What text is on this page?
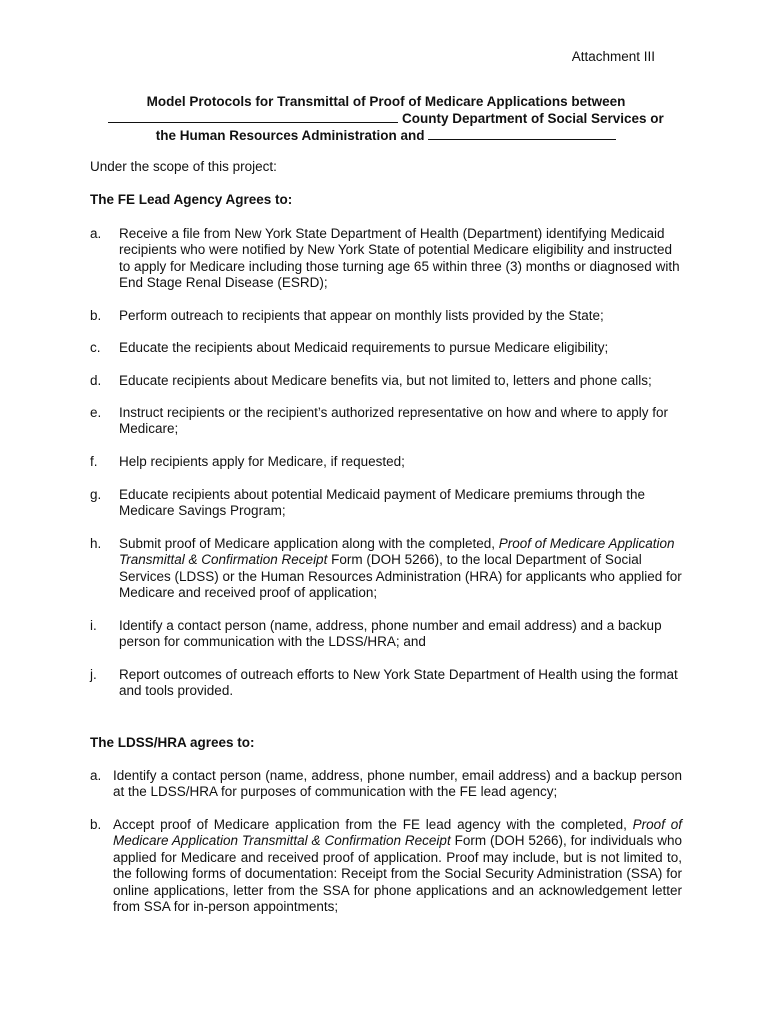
Attachment III
Model Protocols for Transmittal of Proof of Medicare Applications between
County Department of Social Services or
the Human Resources Administration and
Under the scope of this project:
The FE Lead Agency Agrees to:
a. Receive a file from New York State Department of Health (Department) identifying Medicaid recipients who were notified by New York State of potential Medicare eligibility and instructed to apply for Medicare including those turning age 65 within three (3) months or diagnosed with End Stage Renal Disease (ESRD);
b. Perform outreach to recipients that appear on monthly lists provided by the State;
c. Educate the recipients about Medicaid requirements to pursue Medicare eligibility;
d. Educate recipients about Medicare benefits via, but not limited to, letters and phone calls;
e. Instruct recipients or the recipient’s authorized representative on how and where to apply for Medicare;
f. Help recipients apply for Medicare, if requested;
g. Educate recipients about potential Medicaid payment of Medicare premiums through the Medicare Savings Program;
h. Submit proof of Medicare application along with the completed, Proof of Medicare Application Transmittal & Confirmation Receipt Form (DOH 5266), to the local Department of Social Services (LDSS) or the Human Resources Administration (HRA) for applicants who applied for Medicare and received proof of application;
i. Identify a contact person (name, address, phone number and email address) and a backup person for communication with the LDSS/HRA; and
j. Report outcomes of outreach efforts to New York State Department of Health using the format and tools provided.
The LDSS/HRA agrees to:
a. Identify a contact person (name, address, phone number, email address) and a backup person at the LDSS/HRA for purposes of communication with the FE lead agency;
b. Accept proof of Medicare application from the FE lead agency with the completed, Proof of Medicare Application Transmittal & Confirmation Receipt Form (DOH 5266), for individuals who applied for Medicare and received proof of application. Proof may include, but is not limited to, the following forms of documentation: Receipt from the Social Security Administration (SSA) for online applications, letter from the SSA for phone applications and an acknowledgement letter from SSA for in-person appointments;
